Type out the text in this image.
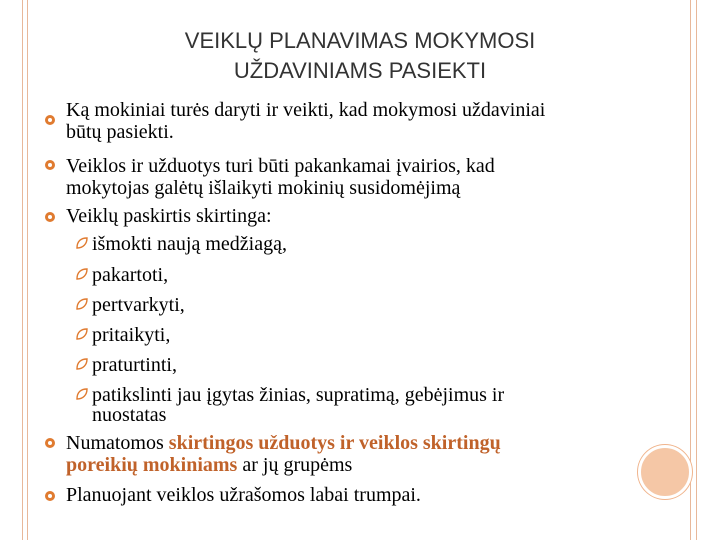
VEIKLŲ PLANAVIMAS MOKYMOSI
UŽDAVINIAMS PASIEKTI
Ką mokiniai turės daryti ir veikti, kad mokymosi uždaviniai
būtų pasiekti.
Veiklos ir užduotys turi būti pakankamai įvairios, kad
mokytojas galėtų išlaikyti mokinių susidomėjimą
Veiklų paskirtis skirtinga:
išmokti naują medžiagą,
pakartoti,
pertvarkyti,
pritaikyti,
praturtinti,
patikslinti jau įgytas žinias, supratimą, gebėjimus ir
nuostatas
Numatomos skirtingos užduotys ir veiklos skirtingų
poreikių mokiniams ar jų grupėms
Planuojant veiklos užrašomos labai trumpai.
